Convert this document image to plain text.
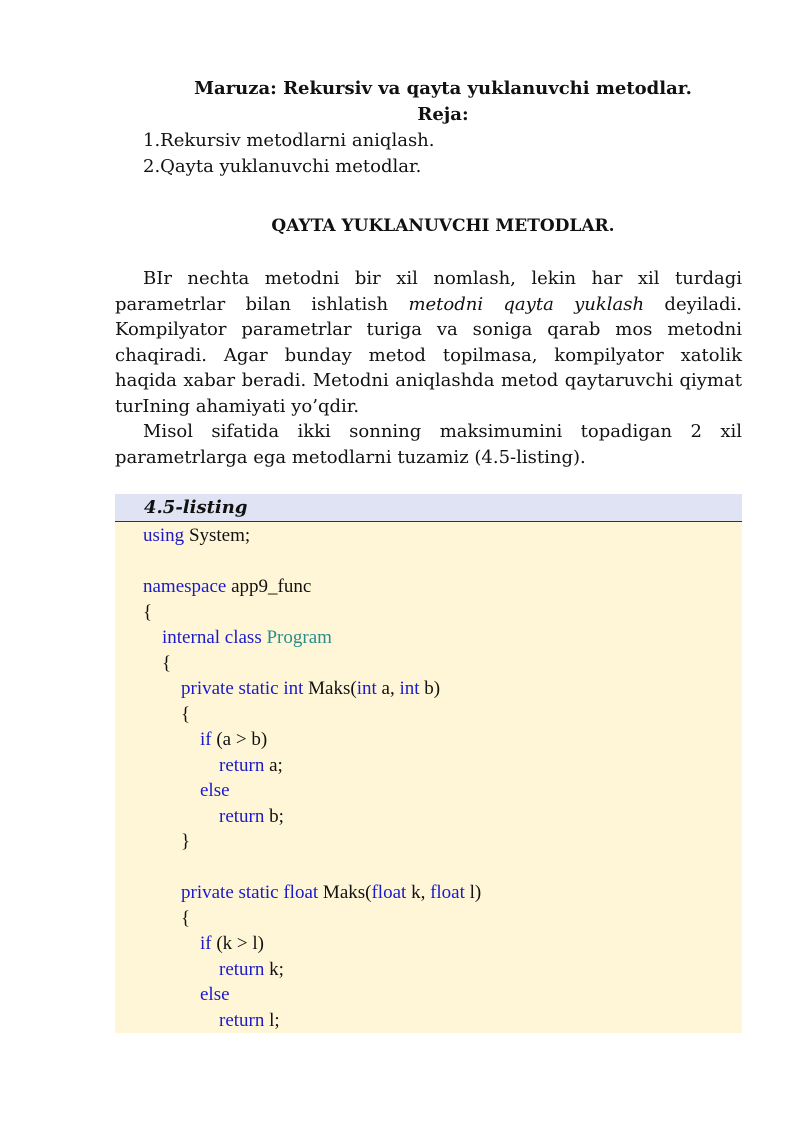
Maruza: Rekursiv va qayta yuklanuvchi metodlar.
Reja:
1.Rekursiv metodlarni aniqlash.
2.Qayta yuklanuvchi metodlar.
QAYTA YUKLANUVCHI METODLAR.
BIr nechta metodni bir xil nomlash, lekin har xil turdagi parametrlar bilan ishlatish metodni qayta yuklash deyiladi. Kompilyator parametrlar turiga va soniga qarab mos metodni chaqiradi. Agar bunday metod topilmasa, kompilyator xatolik haqida xabar beradi. Metodni aniqlashda metod qaytaruvchi qiymat turIning ahamiyati yo’qdir.
Misol sifatida ikki sonning maksimumini topadigan 2 xil parametrlarga ega metodlarni tuzamiz (4.5-listing).
4.5-listing
using System;
namespace app9_func
{
internal class Program
{
private static int Maks(int a, int b)
{
if (a > b)
return a;
else
return b;
}
private static float Maks(float k, float l)
{
if (k > l)
return k;
else
return l;
